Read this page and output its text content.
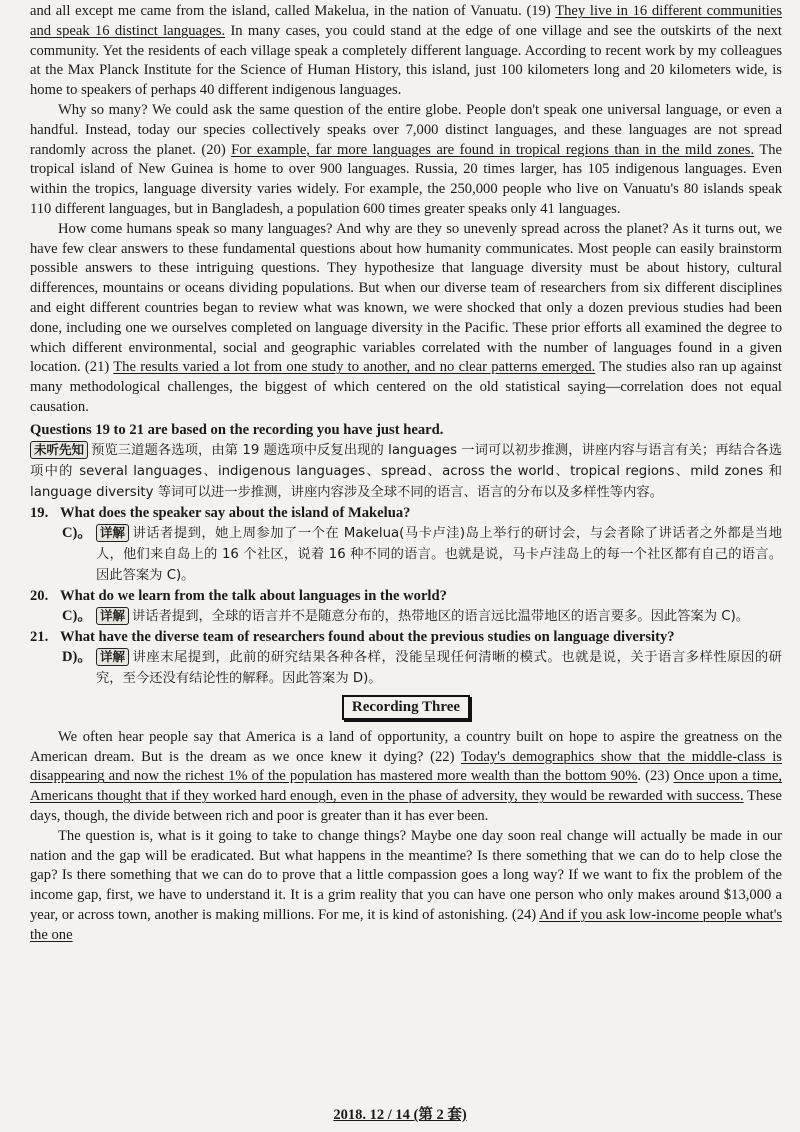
and all except me came from the island, called Makelua, in the nation of Vanuatu. (19) They live in 16 different communities and speak 16 distinct languages. In many cases, you could stand at the edge of one village and see the outskirts of the next community. Yet the residents of each village speak a completely different language. According to recent work by my colleagues at the Max Planck Institute for the Science of Human History, this island, just 100 kilometers long and 20 kilometers wide, is home to speakers of perhaps 40 different indigenous languages.

Why so many? We could ask the same question of the entire globe. People don't speak one universal language, or even a handful. Instead, today our species collectively speaks over 7,000 distinct languages, and these languages are not spread randomly across the planet. (20) For example, far more languages are found in tropical regions than in the mild zones. The tropical island of New Guinea is home to over 900 languages. Russia, 20 times larger, has 105 indigenous languages. Even within the tropics, language diversity varies widely. For example, the 250,000 people who live on Vanuatu's 80 islands speak 110 different languages, but in Bangladesh, a population 600 times greater speaks only 41 languages.

How come humans speak so many languages? And why are they so unevenly spread across the planet? As it turns out, we have few clear answers to these fundamental questions about how humanity communicates. Most people can easily brainstorm possible answers to these intriguing questions. They hypothesize that language diversity must be about history, cultural differences, mountains or oceans dividing populations. But when our diverse team of researchers from six different disciplines and eight different countries began to review what was known, we were shocked that only a dozen previous studies had been done, including one we ourselves completed on language diversity in the Pacific. These prior efforts all examined the degree to which different environmental, social and geographic variables correlated with the number of languages found in a given location. (21) The results varied a lot from one study to another, and no clear patterns emerged. The studies also ran up against many methodological challenges, the biggest of which centered on the old statistical saying—correlation does not equal causation.

Questions 19 to 21 are based on the recording you have just heard.

未听先知 预览三道题各选项，由第 19 题选项中反复出现的 languages 一词可以初步推测，讲座内容与语言有关；再结合各选项中的 several languages、indigenous languages、spread、across the world、tropical regions、mild zones 和 language diversity 等词可以进一步推测，讲座内容涉及全球不同的语言、语言的分布以及多样性等内容。

19. What does the speaker say about the island of Makelua?
C)。 详解 讲话者提到，她上周参加了一个在 Makelua(马卡卢洼)岛上举行的研讨会，与会者除了讲话者之外都是当地人，他们来自岛上的 16 个社区，说着 16 种不同的语言。也就是说，马卡卢洼岛上的每一个社区都有自己的语言。因此答案为 C)。

20. What do we learn from the talk about languages in the world?
C)。 详解 讲话者提到，全球的语言并不是随意分布的，热带地区的语言远比温带地区的语言要多。因此答案为 C)。

21. What have the diverse team of researchers found about the previous studies on language diversity?
D)。 详解 讲座末尾提到，此前的研究结果各种各样，没能呈现任何清晰的模式。也就是说，关于语言多样性原因的研究，至今还没有结论性的解释。因此答案为 D)。

Recording Three

We often hear people say that America is a land of opportunity, a country built on hope to aspire the greatness on the American dream. But is the dream as we once knew it dying? (22) Today's demographics show that the middle-class is disappearing and now the richest 1% of the population has mastered more wealth than the bottom 90%. (23) Once upon a time, Americans thought that if they worked hard enough, even in the phase of adversity, they would be rewarded with success. These days, though, the divide between rich and poor is greater than it has ever been.

The question is, what is it going to take to change things? Maybe one day soon real change will actually be made in our nation and the gap will be eradicated. But what happens in the meantime? Is there something that we can do to help close the gap? Is there something that we can do to prove that a little compassion goes a long way? If we want to fix the problem of the income gap, first, we have to understand it. It is a grim reality that you can have one person who only makes around $13,000 a year, or across town, another is making millions. For me, it is kind of astonishing. (24) And if you ask low-income people what's the one

2018. 12 / 14 (第 2 套)
